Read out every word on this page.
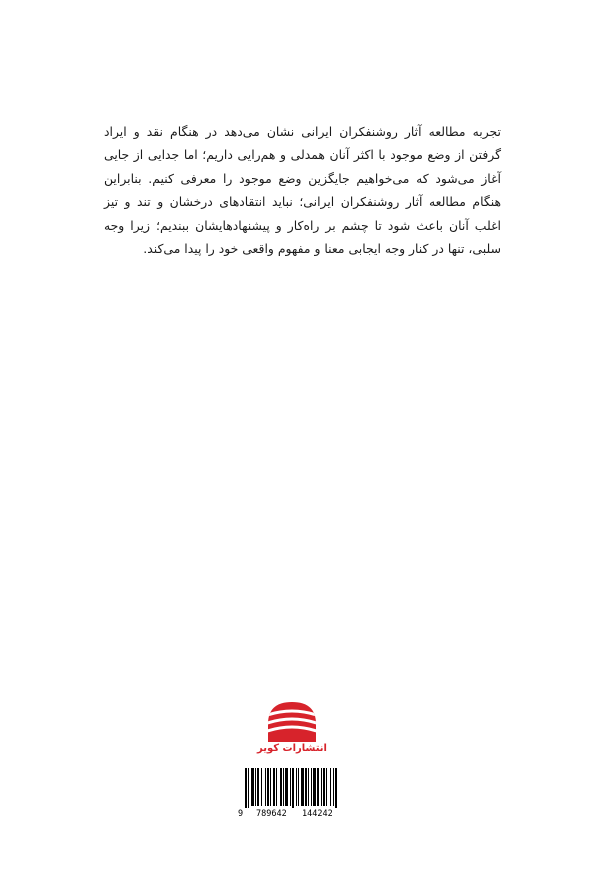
تجربه مطالعه آثار روشنفکران ایرانی نشان می‌دهد در هنگام نقد و ایراد گرفتن از وضع موجود با اکثر آنان همدلی و هم‌رایی داریم؛ اما جدایی از جایی آغاز می‌شود که می‌خواهیم جایگزین وضع موجود را معرفی کنیم. بنابراین هنگام مطالعه آثار روشنفکران ایرانی؛ نباید انتقادهای درخشان و تند و تیز اغلب آنان باعث شود تا چشم بر راه‌کار و پیشنهادهایشان ببندیم؛ زیرا وجه سلبی، تنها در کنار وجه ایجابی معنا و مفهوم واقعی خود را پیدا می‌کند.

انتشارات کویر
9 789642 144242
